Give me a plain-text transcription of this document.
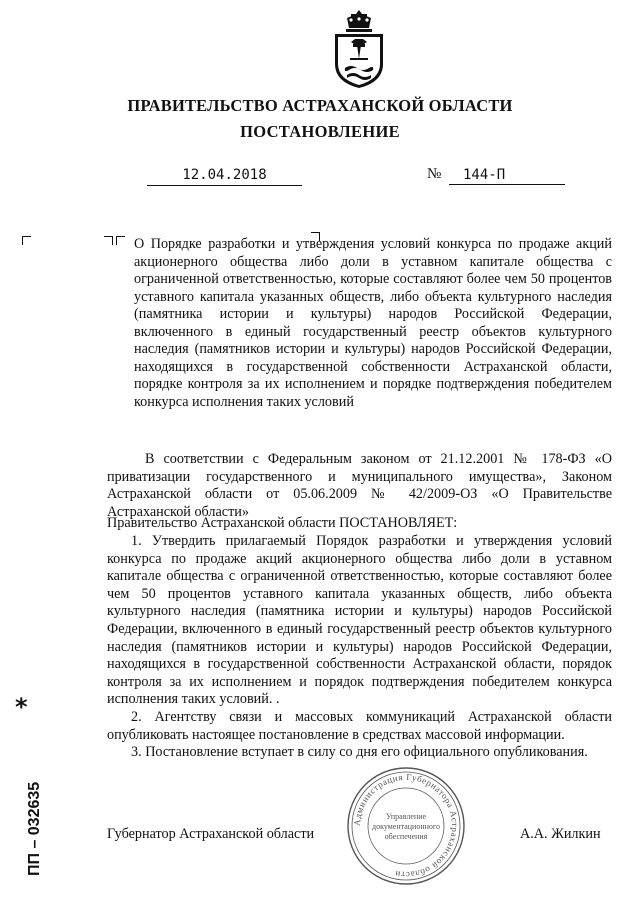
ПРАВИТЕЛЬСТВО АСТРАХАНСКОЙ ОБЛАСТИ
ПОСТАНОВЛЕНИЕ
12.04.2018	№	144-П
О Порядке разработки и утверждения условий конкурса по продаже акций акционерного общества либо доли в уставном капитале общества с ограниченной ответственностью, которые составляют более чем 50 процентов уставного капитала указанных обществ, либо объекта культурного наследия (памятника истории и культуры) народов Российской Федерации, включенного в единый государственный реестр объектов культурного наследия (памятников истории и культуры) народов Российской Федерации, находящихся в государственной собственности Астраханской области, порядке контроля за их исполнением и порядке подтверждения победителем конкурса исполнения таких условий
В соответствии с Федеральным законом от 21.12.2001 № 178-ФЗ «О приватизации государственного и муниципального имущества», Законом Астраханской области от 05.06.2009 № 42/2009-ОЗ «О Правительстве Астраханской области»
Правительство Астраханской области ПОСТАНОВЛЯЕТ:

1. Утвердить прилагаемый Порядок разработки и утверждения условий конкурса по продаже акций акционерного общества либо доли в уставном капитале общества с ограниченной ответственностью, которые составляют более чем 50 процентов уставного капитала указанных обществ, либо объекта культурного наследия (памятника истории и культуры) народов Российской Федерации, включенного в единый государственный реестр объектов культурного наследия (памятников истории и культуры) народов Российской Федерации, находящихся в государственной собственности Астраханской области, порядок контроля за их исполнением и порядок подтверждения победителем конкурса исполнения таких условий. .

2. Агентству связи и массовых коммуникаций Астраханской области опубликовать настоящее постановление в средствах массовой информации.

3. Постановление вступает в силу со дня его официального опубликования.

Губернатор Астраханской области	А.А. Жилкин
Администрация Губернатора Астраханской области
Управление
документационного
обеспечения
*
ПП – 032635
